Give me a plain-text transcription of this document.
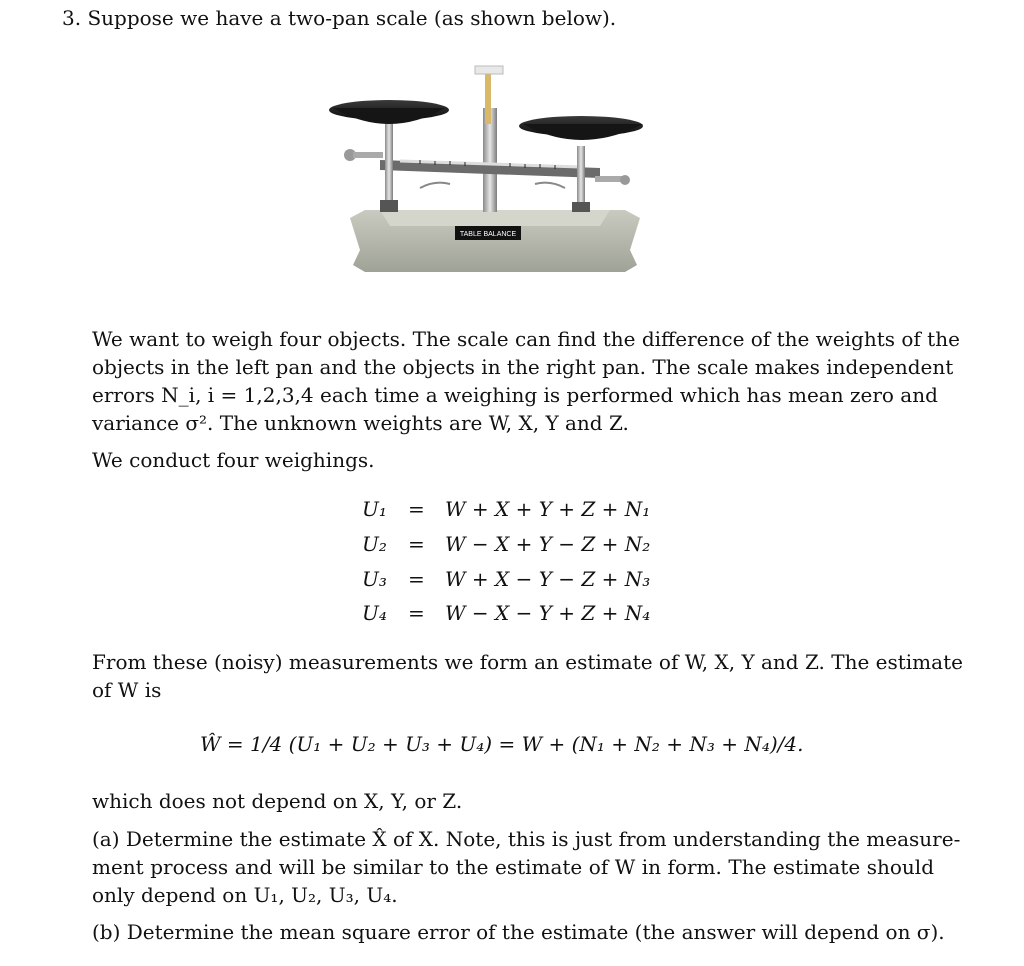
3. Suppose we have a two-pan scale (as shown below).
TABLE BALANCE
We want to weigh four objects. The scale can find the difference of the weights of the
objects in the left pan and the objects in the right pan. The scale makes independent
errors N_i, i = 1,2,3,4 each time a weighing is performed which has mean zero and
variance σ². The unknown weights are W, X, Y and Z.
We conduct four weighings.
U₁ = W + X + Y + Z + N₁
U₂ = W − X + Y − Z + N₂
U₃ = W + X − Y − Z + N₃
U₄ = W − X − Y + Z + N₄
From these (noisy) measurements we form an estimate of W, X, Y and Z. The estimate
of W is
Ŵ = 1/4 (U₁ + U₂ + U₃ + U₄) = W + (N₁ + N₂ + N₃ + N₄)/4.
which does not depend on X, Y, or Z.
(a) Determine the estimate X̂ of X. Note, this is just from understanding the measure-
ment process and will be similar to the estimate of W in form. The estimate should
only depend on U₁, U₂, U₃, U₄.
(b) Determine the mean square error of the estimate (the answer will depend on σ).
